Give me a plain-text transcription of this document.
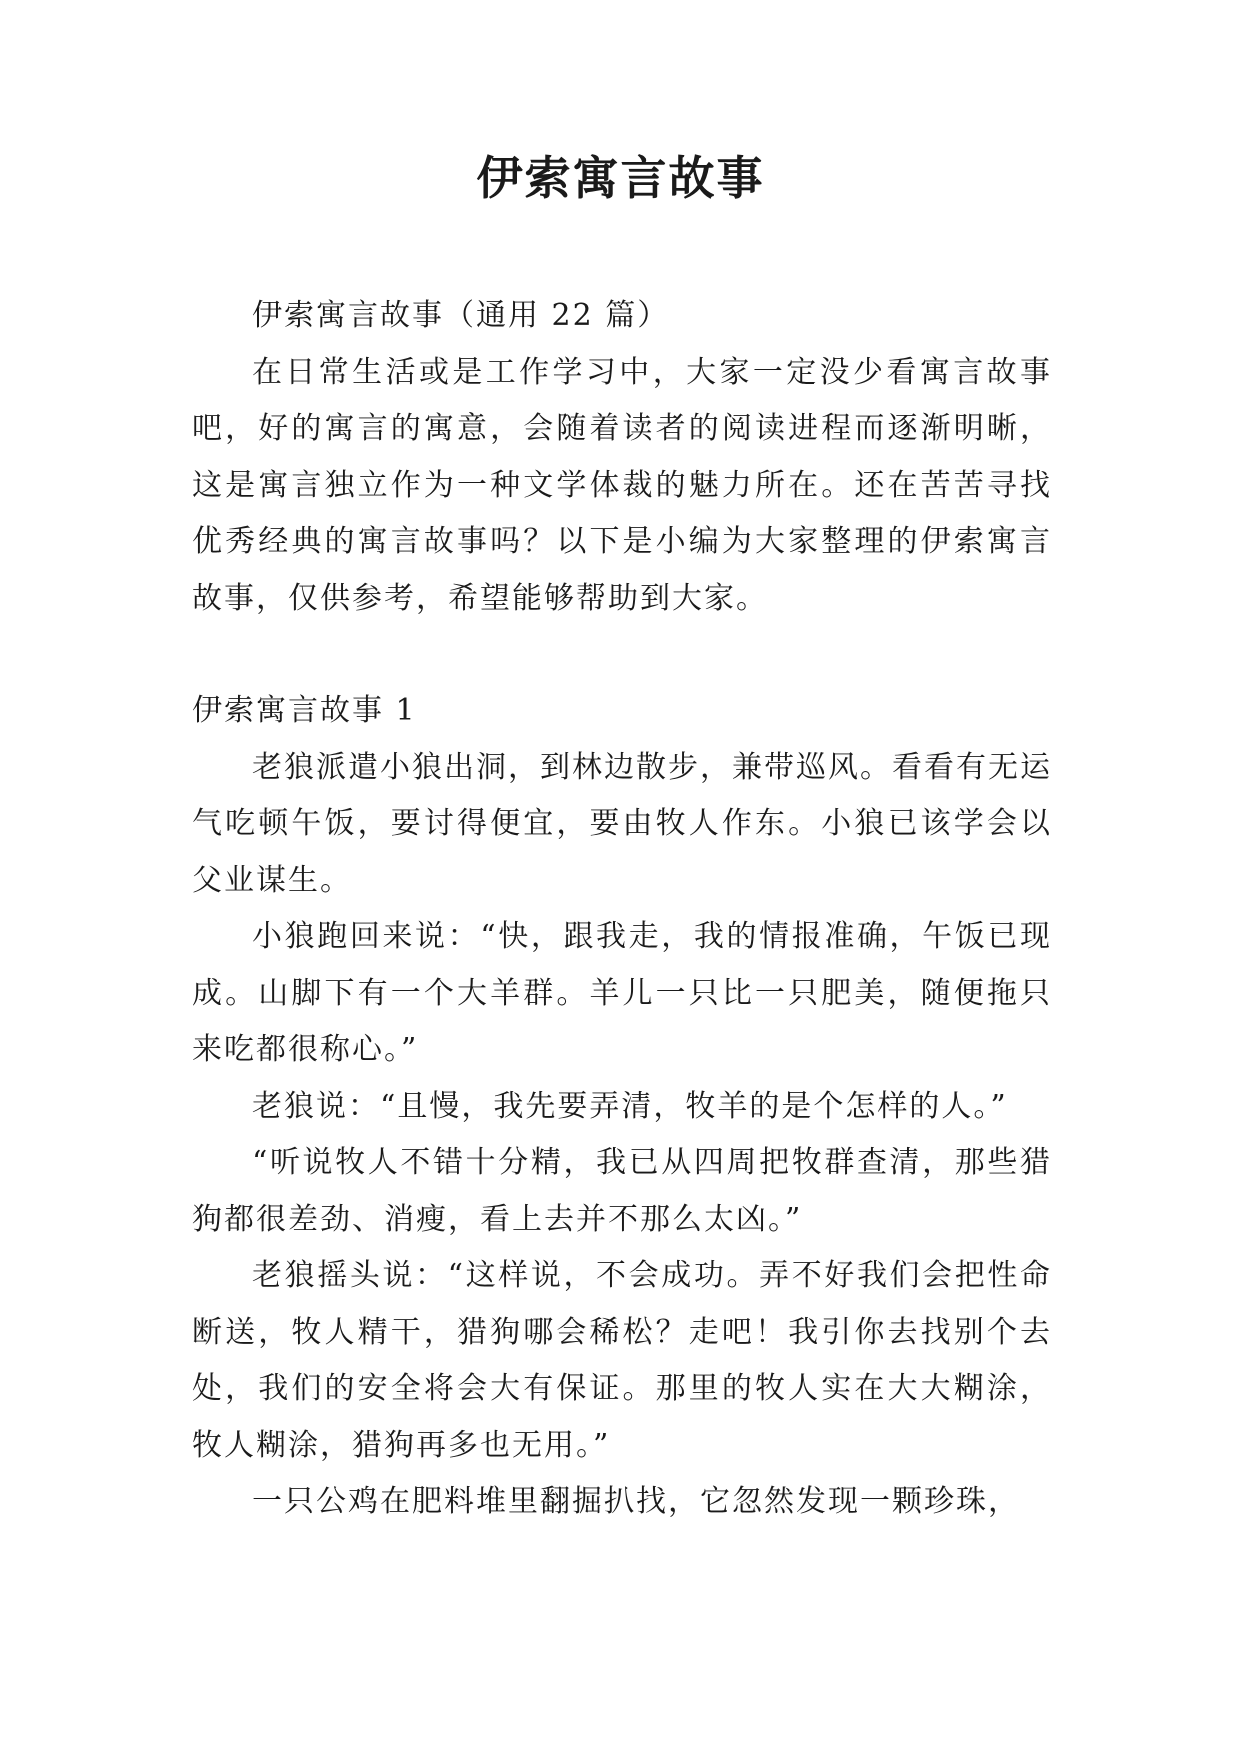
伊索寓言故事

伊索寓言故事（通用 22 篇）

在日常生活或是工作学习中，大家一定没少看寓言故事吧，好的寓言的寓意，会随着读者的阅读进程而逐渐明晰，这是寓言独立作为一种文学体裁的魅力所在。还在苦苦寻找优秀经典的寓言故事吗？以下是小编为大家整理的伊索寓言故事，仅供参考，希望能够帮助到大家。

伊索寓言故事 1

老狼派遣小狼出洞，到林边散步，兼带巡风。看看有无运气吃顿午饭，要讨得便宜，要由牧人作东。小狼已该学会以父业谋生。

小狼跑回来说：“快，跟我走，我的情报准确，午饭已现成。山脚下有一个大羊群。羊儿一只比一只肥美，随便拖只来吃都很称心。”

老狼说：“且慢，我先要弄清，牧羊的是个怎样的人。”

“听说牧人不错十分精，我已从四周把牧群查清，那些猎狗都很差劲、消瘦，看上去并不那么太凶。”

老狼摇头说：“这样说，不会成功。弄不好我们会把性命断送，牧人精干，猎狗哪会稀松？走吧！我引你去找别个去处，我们的安全将会大有保证。那里的牧人实在大大糊涂，牧人糊涂，猎狗再多也无用。”

一只公鸡在肥料堆里翻掘扒找，它忽然发现一颗珍珠，
